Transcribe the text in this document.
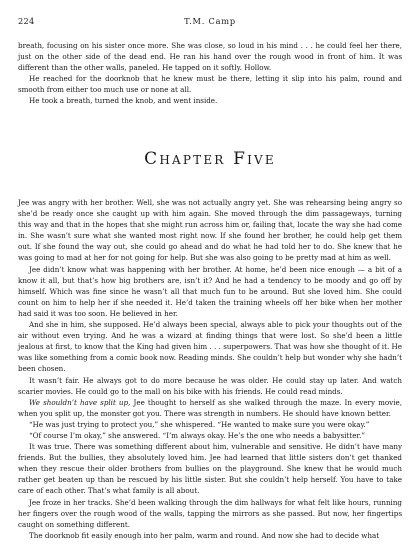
224	T.M. Camp

breath, focusing on his sister once more. She was close, so loud in his mind . . . he could feel her there, just on the other side of the dead end. He ran his hand over the rough wood in front of him. It was different than the other walls, paneled. He tapped on it softly. Hollow.

He reached for the doorknob that he knew must be there, letting it slip into his palm, round and smooth from either too much use or none at all.

He took a breath, turned the knob, and went inside.

Chapter Five

Jee was angry with her brother. Well, she was not actually angry yet. She was rehearsing being angry so she’d be ready once she caught up with him again. She moved through the dim passageways, turning this way and that in the hopes that she might run across him or, failing that, locate the way she had come in. She wasn’t sure what she wanted most right now. If she found her brother, he could help get them out. If she found the way out, she could go ahead and do what he had told her to do. She knew that he was going to mad at her for not going for help. But she was also going to be pretty mad at him as well.

Jee didn’t know what was happening with her brother. At home, he’d been nice enough — a bit of a know it all, but that’s how big brothers are, isn’t it? And he had a tendency to be moody and go off by himself. Which was fine since he wasn’t all that much fun to be around. But she loved him. She could count on him to help her if she needed it. He’d taken the training wheels off her bike when her mother had said it was too soon. He believed in her.

And she in him, she supposed. He’d always been special, always able to pick your thoughts out of the air without even trying. And he was a wizard at finding things that were lost. So she’d been a little jealous at first, to know that the King had given him . . . superpowers. That was how she thought of it. He was like something from a comic book now. Reading minds. She couldn’t help but wonder why she hadn’t been chosen.

It wasn’t fair. He always got to do more because he was older. He could stay up later. And watch scarier movies. He could go to the mall on his bike with his friends. He could read minds.

We shouldn’t have split up, Jee thought to herself as she walked through the maze. In every movie, when you split up, the monster got you. There was strength in numbers. He should have known better.

“He was just trying to protect you,” she whispered. “He wanted to make sure you were okay.”

“Of course I’m okay,” she answered. “I’m always okay. He’s the one who needs a babysitter.”

It was true. There was something different about him, vulnerable and sensitive. He didn’t have many friends. But the bullies, they absolutely loved him. Jee had learned that little sisters don’t get thanked when they rescue their older brothers from bullies on the playground. She knew that he would much rather get beaten up than be rescued by his little sister. But she couldn’t help herself. You have to take care of each other. That’s what family is all about.

Jee froze in her tracks. She’d been walking through the dim hallways for what felt like hours, running her fingers over the rough wood of the walls, tapping the mirrors as she passed. But now, her fingertips caught on something different.

The doorknob fit easily enough into her palm, warm and round. And now she had to decide what
